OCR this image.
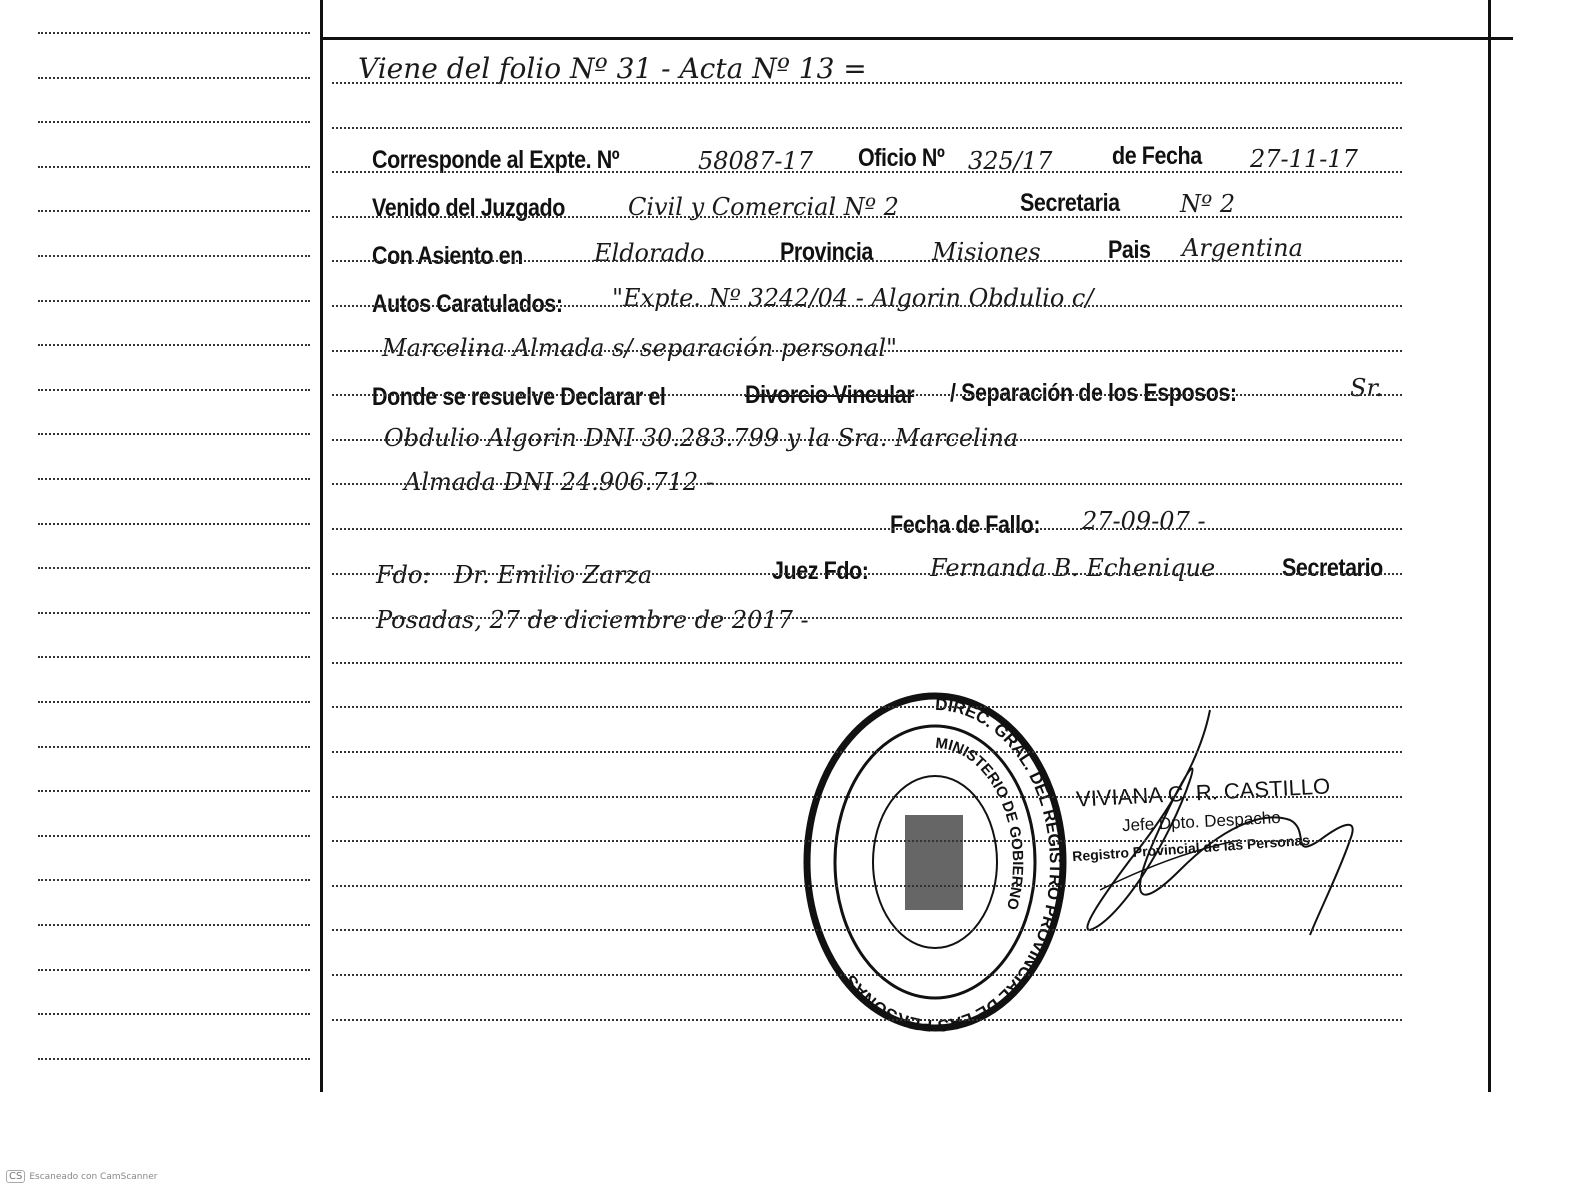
Viene del folio Nº 31 - Acta Nº 13 =
Corresponde al Expte. Nº	58087-17 Oficio Nº 325/17 de Fecha 27-11-17
Venido del Juzgado	Civil y Comercial Nº 2	Secretaria	Nº 2
Con Asiento en	Eldorado	Provincia Misiones	Pais Argentina
Autos Caratulados: "Expte. Nº 3242/04 - Algorin Obdulio c/
Marcelina Almada s/ separación personal"
Donde se resuelve Declarar el	Divorcio Vincular / Separación de los Esposos:	Sr.
Obdulio Algorin DNI 30.283.799 y la Sra. Marcelina
Almada DNI 24.906.712 -
Fecha de Fallo: 27-09-07 -
Fdo: Dr. Emilio Zarza	Juez Fdo:	Fernanda B. Echenique	Secretario
Posadas, 27 de diciembre de 2017 -
DIREC. GRAL. DEL REGISTRO PROVINCIAL DE LAS PERSONAS
MINISTERIO DE GOBIERNO
VIVIANA C. R. CASTILLO
Jefe Dpto. Despacho
Registro Provincial de las Personas
CS Escaneado con CamScanner
